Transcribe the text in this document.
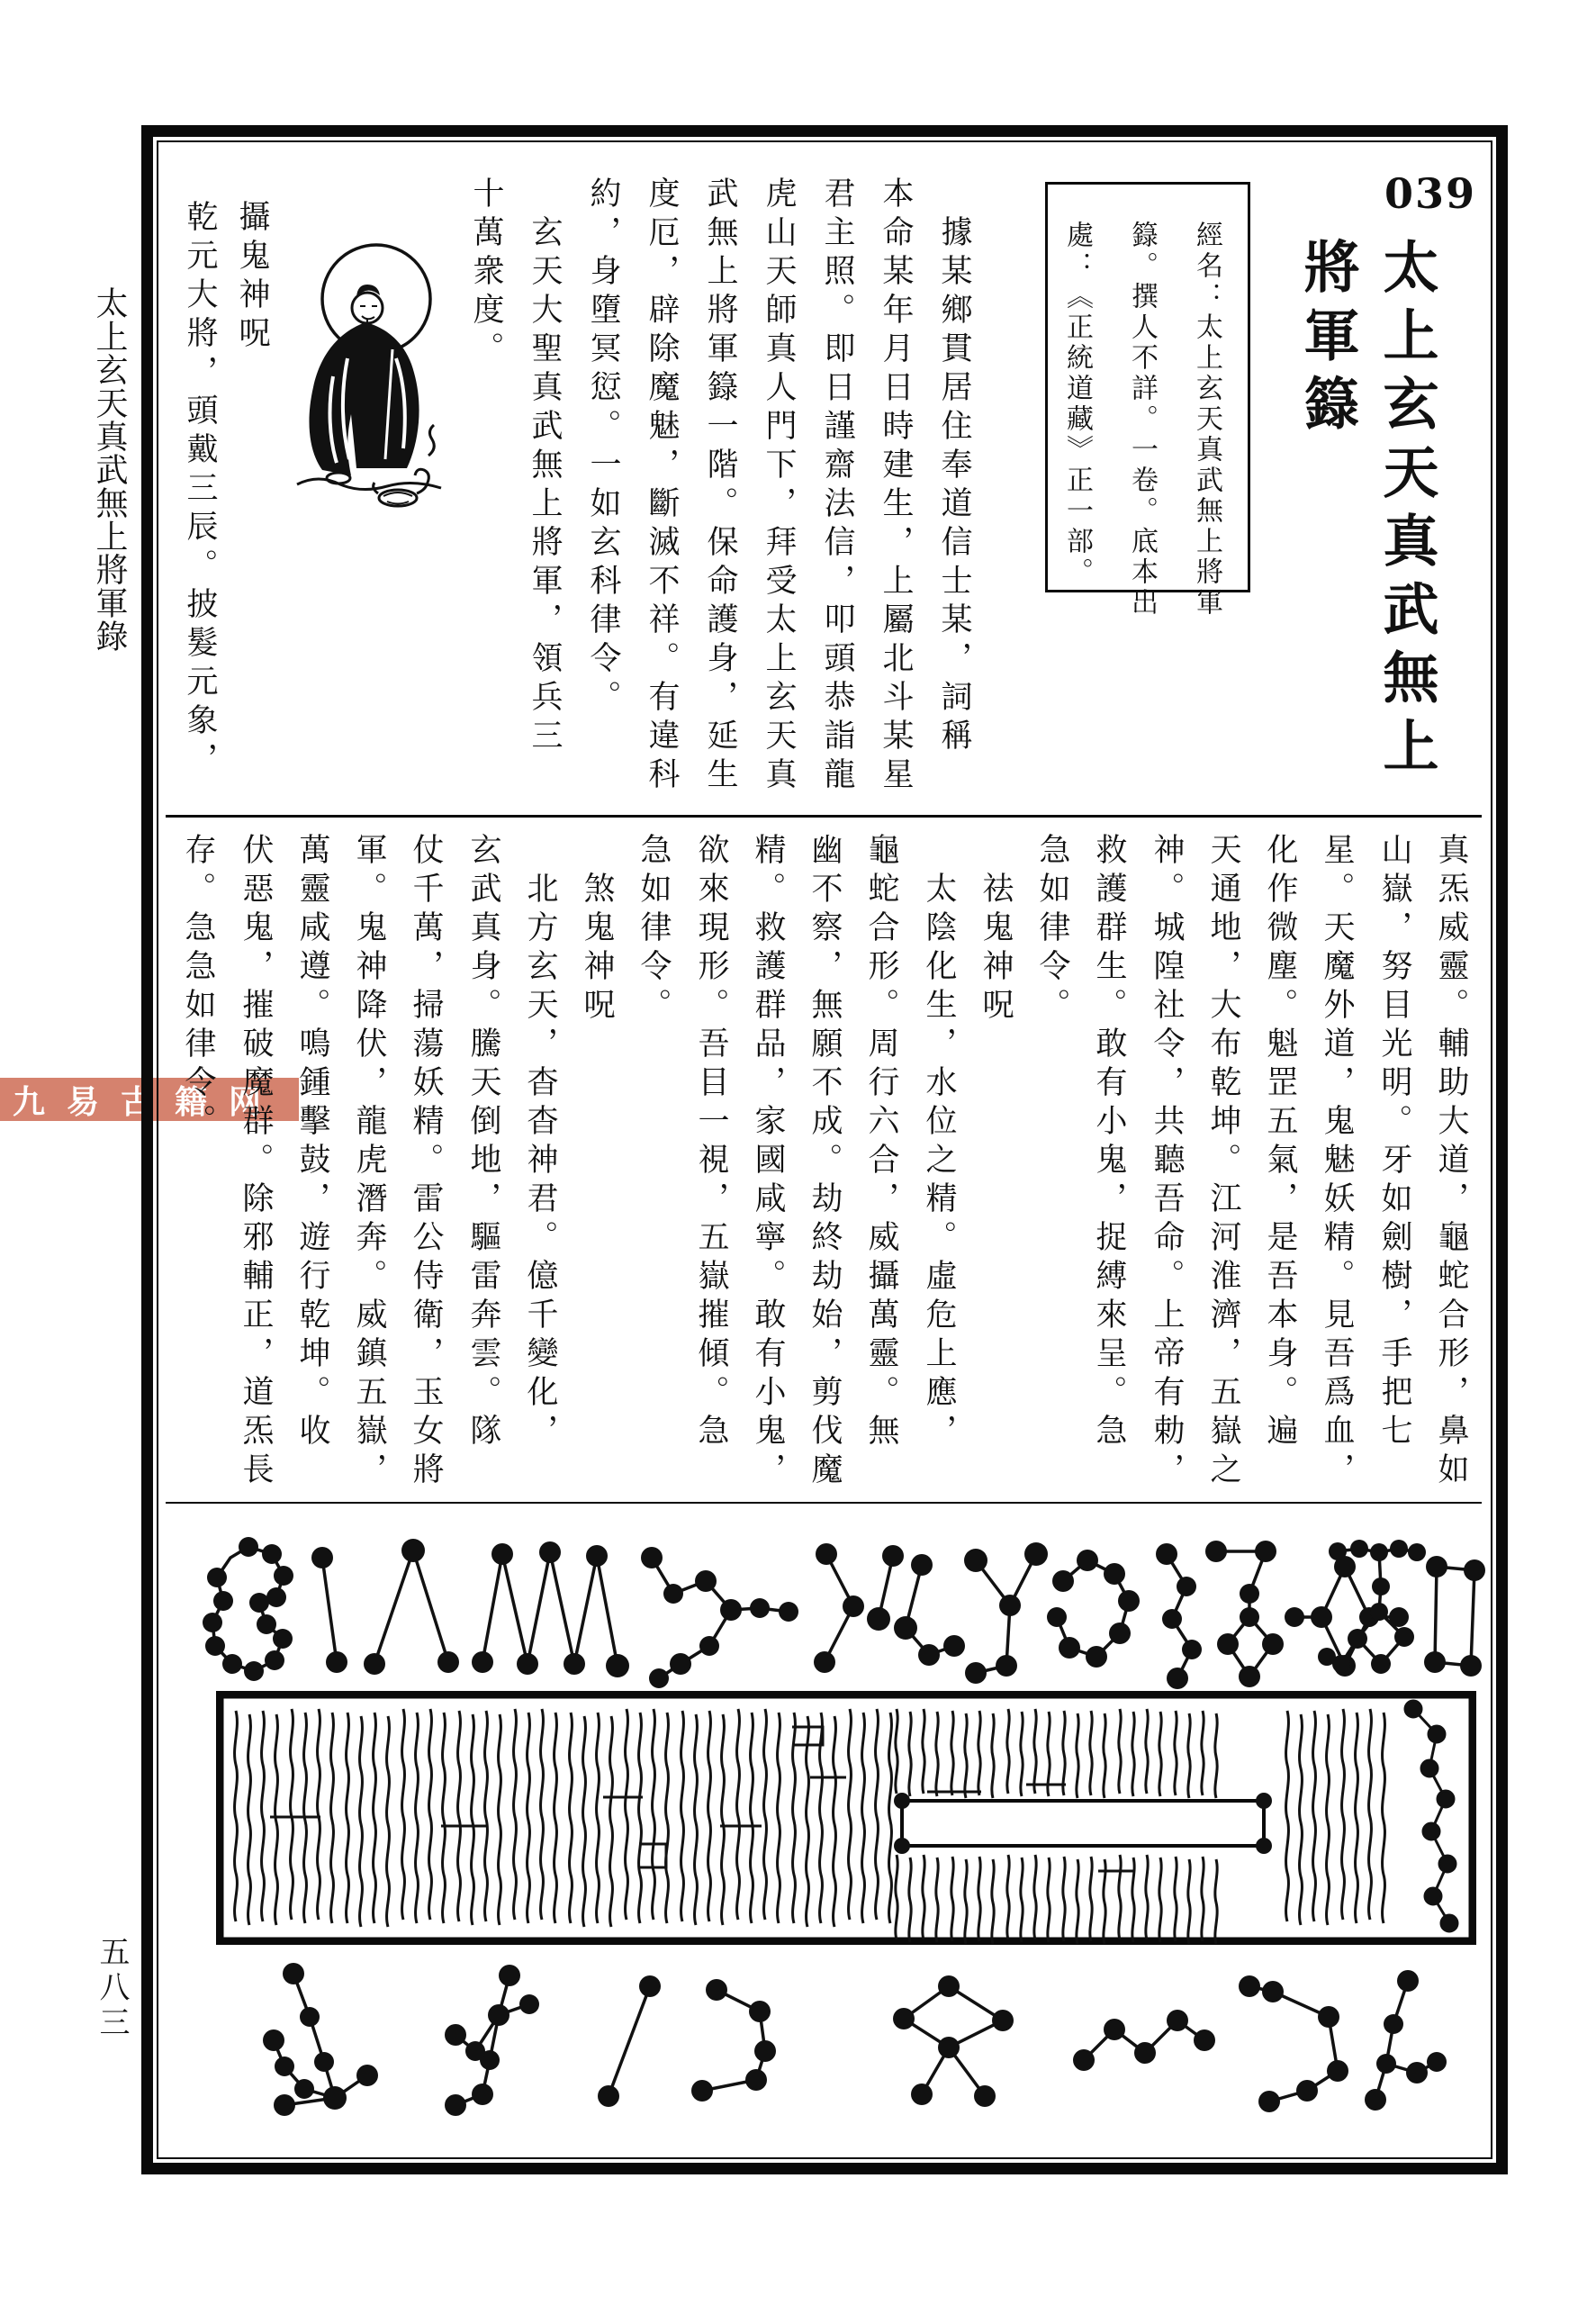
太上玄天真武無上將軍錄
九易古籍网
五八三
039
太上玄天真武無上
將軍籙
經名：太上玄天真武無上將軍
籙。撰人不詳。一卷。底本出
處：《正統道藏》正一部。
據某鄉貫居住奉道信士某，詞稱
本命某年月日時建生，上屬北斗某星
君主照。即日謹齋法信，叩頭恭詣龍
虎山天師真人門下，拜受太上玄天真
武無上將軍籙一階。保命護身，延生
度厄，辟除魔魅，斷滅不祥。有違科
約，身墮冥愆。一如玄科律令。
玄天大聖真武無上將軍，領兵三
十萬衆度。
攝鬼神呪
乾元大將，頭戴三辰。披髮元象，
真炁威靈。輔助大道，龜蛇合形，鼻如
山嶽，努目光明。牙如劍樹，手把七
星。天魔外道，鬼魅妖精。見吾爲血，
化作微塵。魁罡五氣，是吾本身。遍
天通地，大布乾坤。江河淮濟，五嶽之
神。城隍社令，共聽吾命。上帝有勅，
救護群生。敢有小鬼，捉縛來呈。急
急如律令。
祛鬼神呪
太陰化生，水位之精。虛危上應，
龜蛇合形。周行六合，威攝萬靈。無
幽不察，無願不成。劫終劫始，剪伐魔
精。救護群品，家國咸寧。敢有小鬼，
欲來現形。吾目一視，五嶽摧傾。急
急如律令。
煞鬼神呪
北方玄天，杳杳神君。億千變化，
玄武真身。騰天倒地，驅雷奔雲。隊
仗千萬，掃蕩妖精。雷公侍衛，玉女將
軍。鬼神降伏，龍虎潛奔。威鎮五嶽，
萬靈咸遵。鳴鍾擊鼓，遊行乾坤。收
伏惡鬼，摧破魔群。除邪輔正，道炁長
存。急急如律令。
